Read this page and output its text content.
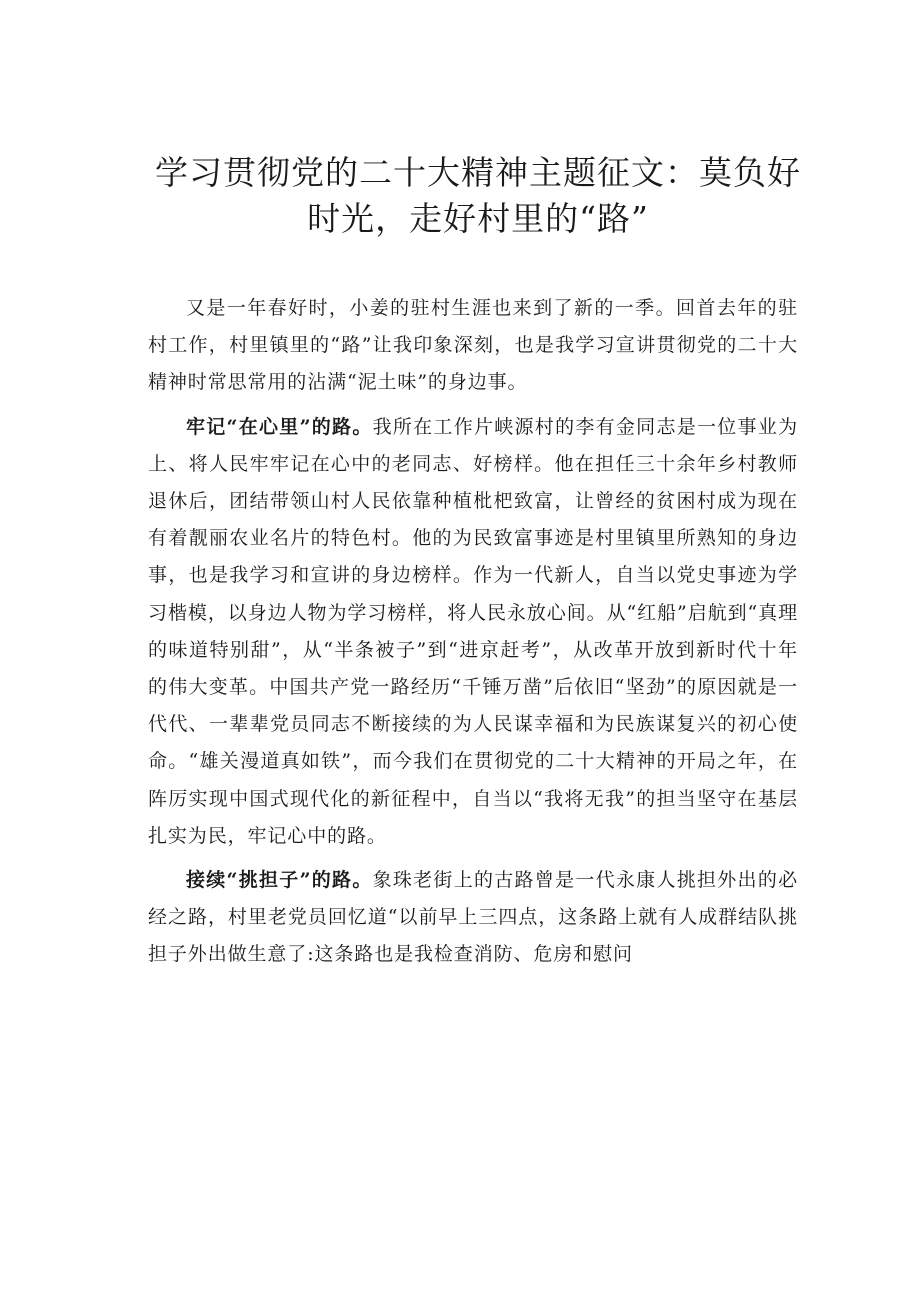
学习贯彻党的二十大精神主题征文：莫负好时光，走好村里的“路”

又是一年春好时，小姜的驻村生涯也来到了新的一季。回首去年的驻村工作，村里镇里的“路”让我印象深刻，也是我学习宣讲贯彻党的二十大精神时常思常用的沾满“泥土味”的身边事。

牢记“在心里”的路。我所在工作片峡源村的李有金同志是一位事业为上、将人民牢牢记在心中的老同志、好榜样。他在担任三十余年乡村教师退休后，团结带领山村人民依靠种植枇杷致富，让曾经的贫困村成为现在有着靓丽农业名片的特色村。他的为民致富事迹是村里镇里所熟知的身边事，也是我学习和宣讲的身边榜样。作为一代新人，自当以党史事迹为学习楷模，以身边人物为学习榜样，将人民永放心间。从“红船”启航到“真理的味道特别甜”，从“半条被子”到“进京赶考”，从改革开放到新时代十年的伟大变革。中国共产党一路经历“千锤万凿”后依旧“坚劲”的原因就是一代代、一辈辈党员同志不断接续的为人民谋幸福和为民族谋复兴的初心使命。“雄关漫道真如铁”，而今我们在贯彻党的二十大精神的开局之年，在阵厉实现中国式现代化的新征程中，自当以“我将无我”的担当坚守在基层扎实为民，牢记心中的路。

接续“挑担子”的路。象珠老街上的古路曾是一代永康人挑担外出的必经之路，村里老党员回忆道“以前早上三四点，这条路上就有人成群结队挑担子外出做生意了:这条路也是我检查消防、危房和慰问
